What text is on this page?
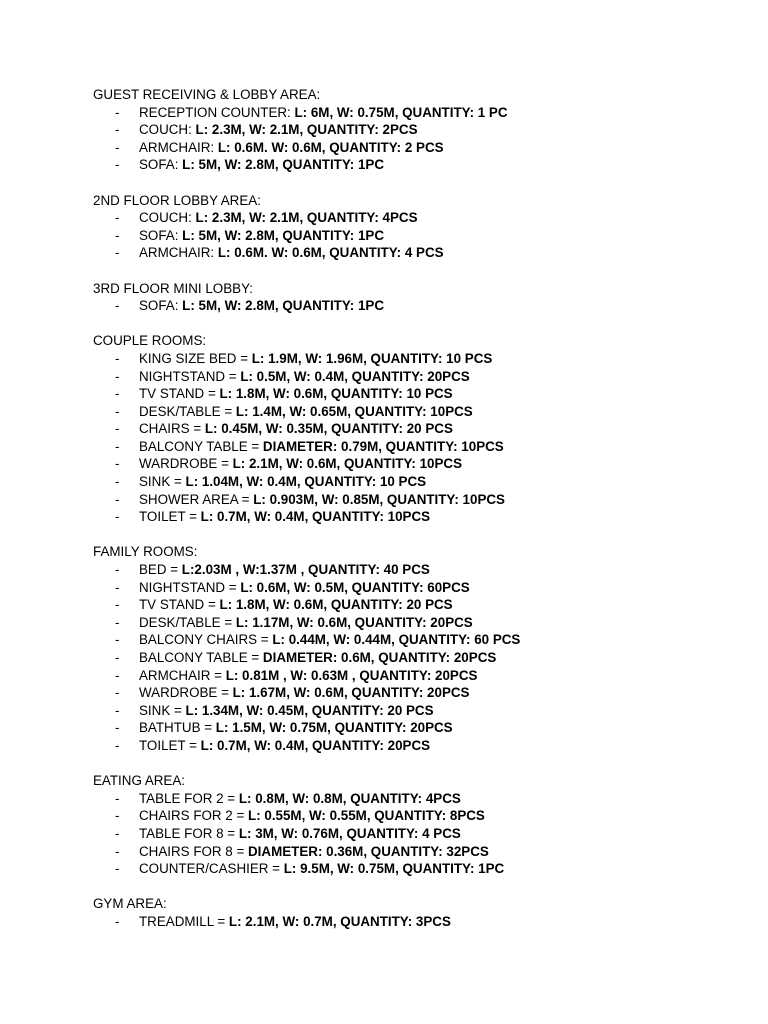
GUEST RECEIVING & LOBBY AREA:
- RECEPTION COUNTER: L: 6M, W: 0.75M, QUANTITY: 1 PC
- COUCH: L: 2.3M, W: 2.1M, QUANTITY: 2PCS
- ARMCHAIR: L: 0.6M. W: 0.6M, QUANTITY: 2 PCS
- SOFA: L: 5M, W: 2.8M, QUANTITY: 1PC
2ND FLOOR LOBBY AREA:
- COUCH: L: 2.3M, W: 2.1M, QUANTITY: 4PCS
- SOFA: L: 5M, W: 2.8M, QUANTITY: 1PC
- ARMCHAIR: L: 0.6M. W: 0.6M, QUANTITY: 4 PCS
3RD FLOOR MINI LOBBY:
- SOFA: L: 5M, W: 2.8M, QUANTITY: 1PC
COUPLE ROOMS:
- KING SIZE BED = L: 1.9M, W: 1.96M, QUANTITY: 10 PCS
- NIGHTSTAND = L: 0.5M, W: 0.4M, QUANTITY: 20PCS
- TV STAND = L: 1.8M, W: 0.6M, QUANTITY: 10 PCS
- DESK/TABLE = L: 1.4M, W: 0.65M, QUANTITY: 10PCS
- CHAIRS = L: 0.45M, W: 0.35M, QUANTITY: 20 PCS
- BALCONY TABLE = DIAMETER: 0.79M, QUANTITY: 10PCS
- WARDROBE = L: 2.1M, W: 0.6M, QUANTITY: 10PCS
- SINK = L: 1.04M, W: 0.4M, QUANTITY: 10 PCS
- SHOWER AREA = L: 0.903M, W: 0.85M, QUANTITY: 10PCS
- TOILET = L: 0.7M, W: 0.4M, QUANTITY: 10PCS
FAMILY ROOMS:
- BED = L:2.03M , W:1.37M , QUANTITY: 40 PCS
- NIGHTSTAND = L: 0.6M, W: 0.5M, QUANTITY: 60PCS
- TV STAND = L: 1.8M, W: 0.6M, QUANTITY: 20 PCS
- DESK/TABLE = L: 1.17M, W: 0.6M, QUANTITY: 20PCS
- BALCONY CHAIRS = L: 0.44M, W: 0.44M, QUANTITY: 60 PCS
- BALCONY TABLE = DIAMETER: 0.6M, QUANTITY: 20PCS
- ARMCHAIR = L: 0.81M , W: 0.63M , QUANTITY: 20PCS
- WARDROBE = L: 1.67M, W: 0.6M, QUANTITY: 20PCS
- SINK = L: 1.34M, W: 0.45M, QUANTITY: 20 PCS
- BATHTUB = L: 1.5M, W: 0.75M, QUANTITY: 20PCS
- TOILET = L: 0.7M, W: 0.4M, QUANTITY: 20PCS
EATING AREA:
- TABLE FOR 2 = L: 0.8M, W: 0.8M, QUANTITY: 4PCS
- CHAIRS FOR 2 = L: 0.55M, W: 0.55M, QUANTITY: 8PCS
- TABLE FOR 8 = L: 3M, W: 0.76M, QUANTITY: 4 PCS
- CHAIRS FOR 8 = DIAMETER: 0.36M, QUANTITY: 32PCS
- COUNTER/CASHIER = L: 9.5M, W: 0.75M, QUANTITY: 1PC
GYM AREA:
- TREADMILL = L: 2.1M, W: 0.7M, QUANTITY: 3PCS
